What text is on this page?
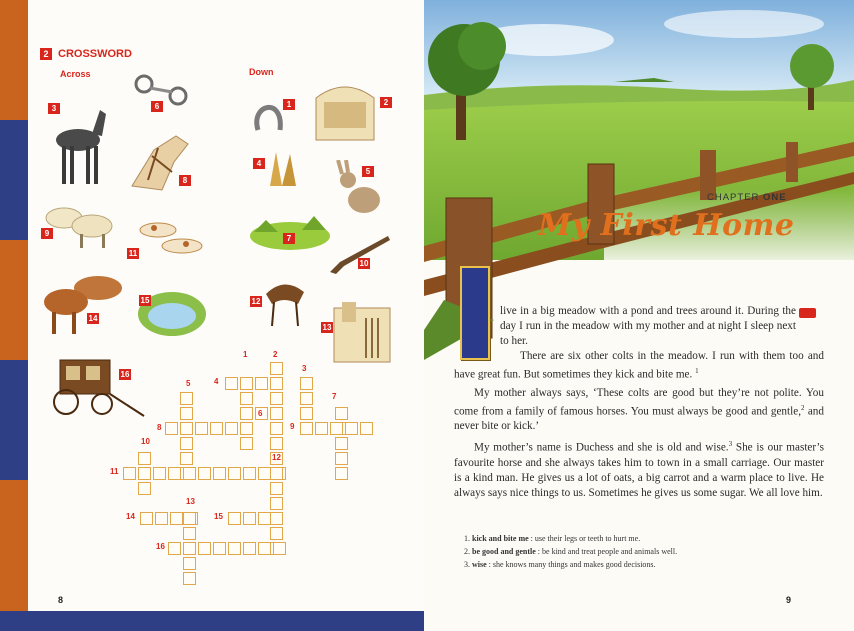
2 CROSSWORD
Across	Down
6
3
8
9
11
14
15
16
1	2
4
5
7
10
12
13
1	2
3
4
5
6
7
8	9
10
11
12
13
14	15
16
8
CHAPTER ONE
My First Home

live in a big meadow with a pond and trees around it. During the day I run in the meadow with my mother and at night I sleep next to her.

There are six other colts in the meadow. I run with them too and have great fun. But sometimes they kick and bite me. $^1$

My mother always says, ‘These colts are good but they’re not polite. You come from a family of famous horses. You must always be good and gentle,$^2$ and never bite or kick.’

My mother’s name is Duchess and she is old and wise.$^3$ She is our master’s favourite horse and she always takes him to town in a small carriage. Our master is a kind man. He gives us a lot of oats, a big carrot and a warm place to live. He always says nice things to us. Sometimes he gives us some sugar. We all love him.

1. kick and bite me : use their legs or teeth to hurt me.
2. be good and gentle : be kind and treat people and animals well.
3. wise : she knows many things and makes good decisions.
9
